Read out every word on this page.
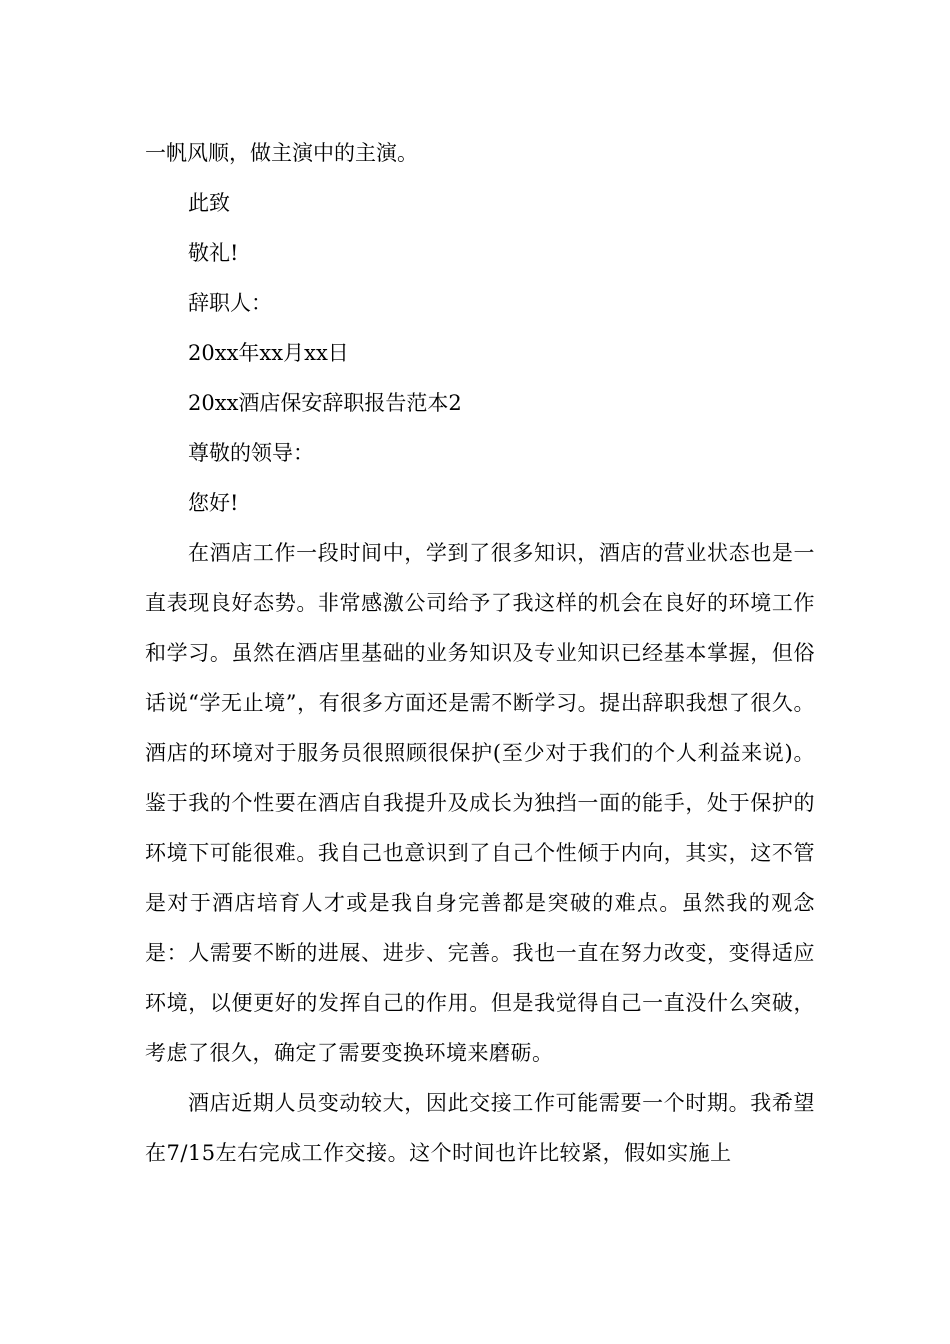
一帆风顺，做主演中的主演。
此致
敬礼!
辞职人：
20xx年xx月xx日
20xx酒店保安辞职报告范本2
尊敬的领导：
您好!
在酒店工作一段时间中，学到了很多知识，酒店的营业状态也是一直表现良好态势。非常感激公司给予了我这样的机会在良好的环境工作和学习。虽然在酒店里基础的业务知识及专业知识已经基本掌握，但俗话说“学无止境”，有很多方面还是需不断学习。提出辞职我想了很久。酒店的环境对于服务员很照顾很保护(至少对于我们的个人利益来说)。鉴于我的个性要在酒店自我提升及成长为独挡一面的能手，处于保护的环境下可能很难。我自己也意识到了自己个性倾于内向，其实，这不管是对于酒店培育人才或是我自身完善都是突破的难点。虽然我的观念是：人需要不断的进展、进步、完善。我也一直在努力改变，变得适应环境，以便更好的发挥自己的作用。但是我觉得自己一直没什么突破，考虑了很久，确定了需要变换环境来磨砺。
酒店近期人员变动较大，因此交接工作可能需要一个时期。我希望在7/15左右完成工作交接。这个时间也许比较紧，假如实施上
